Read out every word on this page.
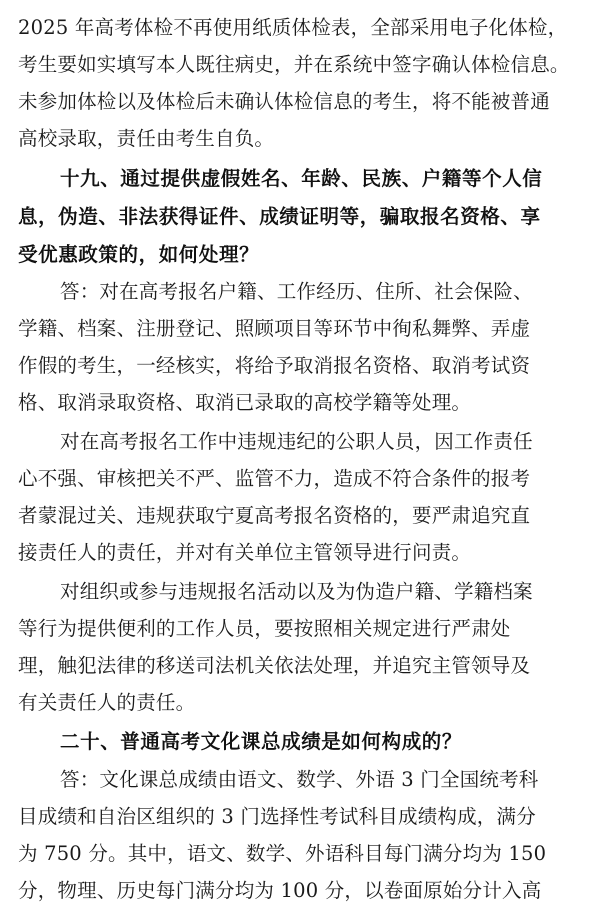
2025 年高考体检不再使用纸质体检表，全部采用电子化体检，
考生要如实填写本人既往病史，并在系统中签字确认体检信息。
未参加体检以及体检后未确认体检信息的考生，将不能被普通
高校录取，责任由考生自负。
十九、通过提供虚假姓名、年龄、民族、户籍等个人信
息，伪造、非法获得证件、成绩证明等，骗取报名资格、享
受优惠政策的，如何处理？
答：对在高考报名户籍、工作经历、住所、社会保险、
学籍、档案、注册登记、照顾项目等环节中徇私舞弊、弄虚
作假的考生，一经核实，将给予取消报名资格、取消考试资
格、取消录取资格、取消已录取的高校学籍等处理。
对在高考报名工作中违规违纪的公职人员，因工作责任
心不强、审核把关不严、监管不力，造成不符合条件的报考
者蒙混过关、违规获取宁夏高考报名资格的，要严肃追究直
接责任人的责任，并对有关单位主管领导进行问责。
对组织或参与违规报名活动以及为伪造户籍、学籍档案
等行为提供便利的工作人员，要按照相关规定进行严肃处
理，触犯法律的移送司法机关依法处理，并追究主管领导及
有关责任人的责任。
二十、普通高考文化课总成绩是如何构成的？
答：文化课总成绩由语文、数学、外语 3 门全国统考科
目成绩和自治区组织的 3 门选择性考试科目成绩构成，满分
为 750 分。其中，语文、数学、外语科目每门满分均为 150
分，物理、历史每门满分均为 100 分，以卷面原始分计入高
